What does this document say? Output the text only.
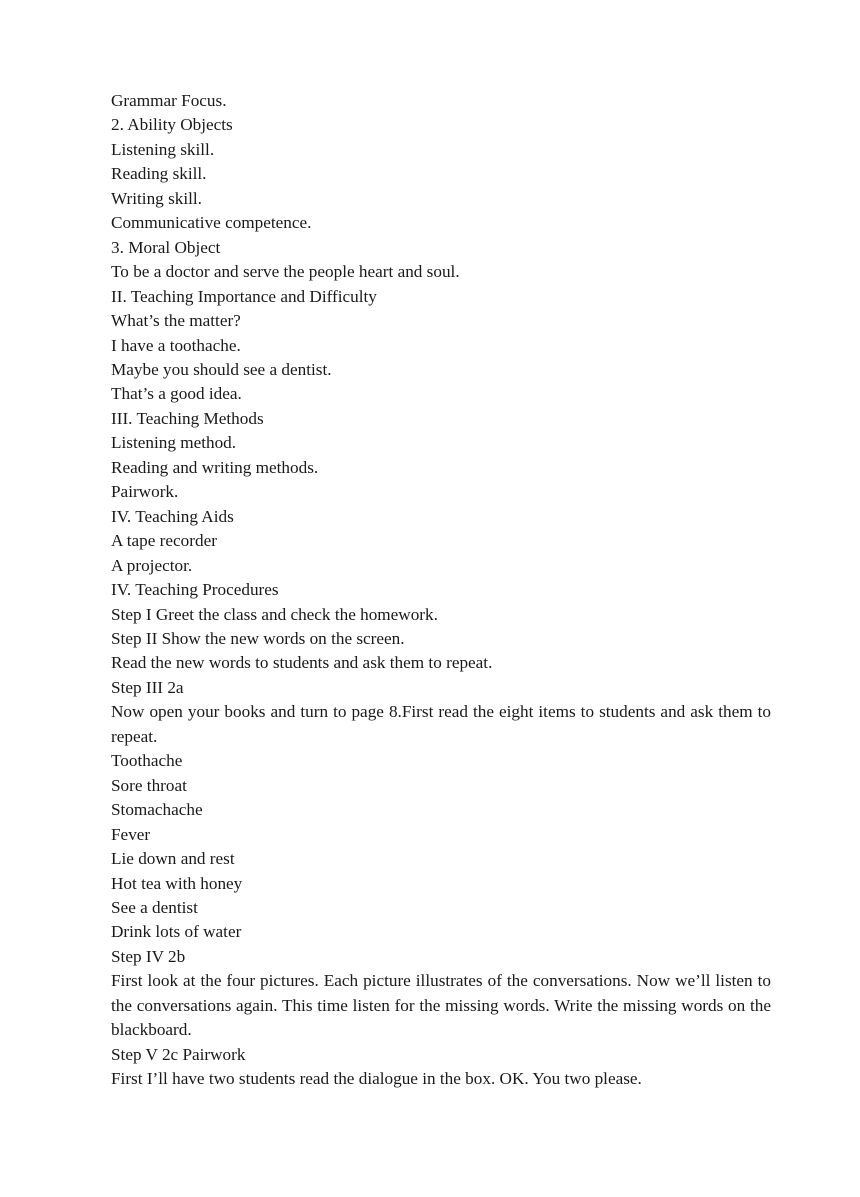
Grammar Focus.
2. Ability Objects
Listening skill.
Reading skill.
Writing skill.
Communicative competence.
3. Moral Object
To be a doctor and serve the people heart and soul.
II. Teaching Importance and Difficulty
What’s the matter?
I have a toothache.
Maybe you should see a dentist.
That’s a good idea.
III. Teaching Methods
Listening method.
Reading and writing methods.
Pairwork.
IV. Teaching Aids
A tape recorder
A projector.
IV. Teaching Procedures
Step I Greet the class and check the homework.
Step II Show the new words on the screen.
Read the new words to students and ask them to repeat.
Step III 2a

Now open your books and turn to page 8.First read the eight items to students and ask them to repeat.

Toothache
Sore throat
Stomachache
Fever
Lie down and rest
Hot tea with honey
See a dentist
Drink lots of water
Step IV 2b

First look at the four pictures. Each picture illustrates of the conversations. Now we’ll listen to the conversations again. This time listen for the missing words. Write the missing words on the blackboard.

Step V 2c Pairwork

First I’ll have two students read the dialogue in the box. OK. You two please.
